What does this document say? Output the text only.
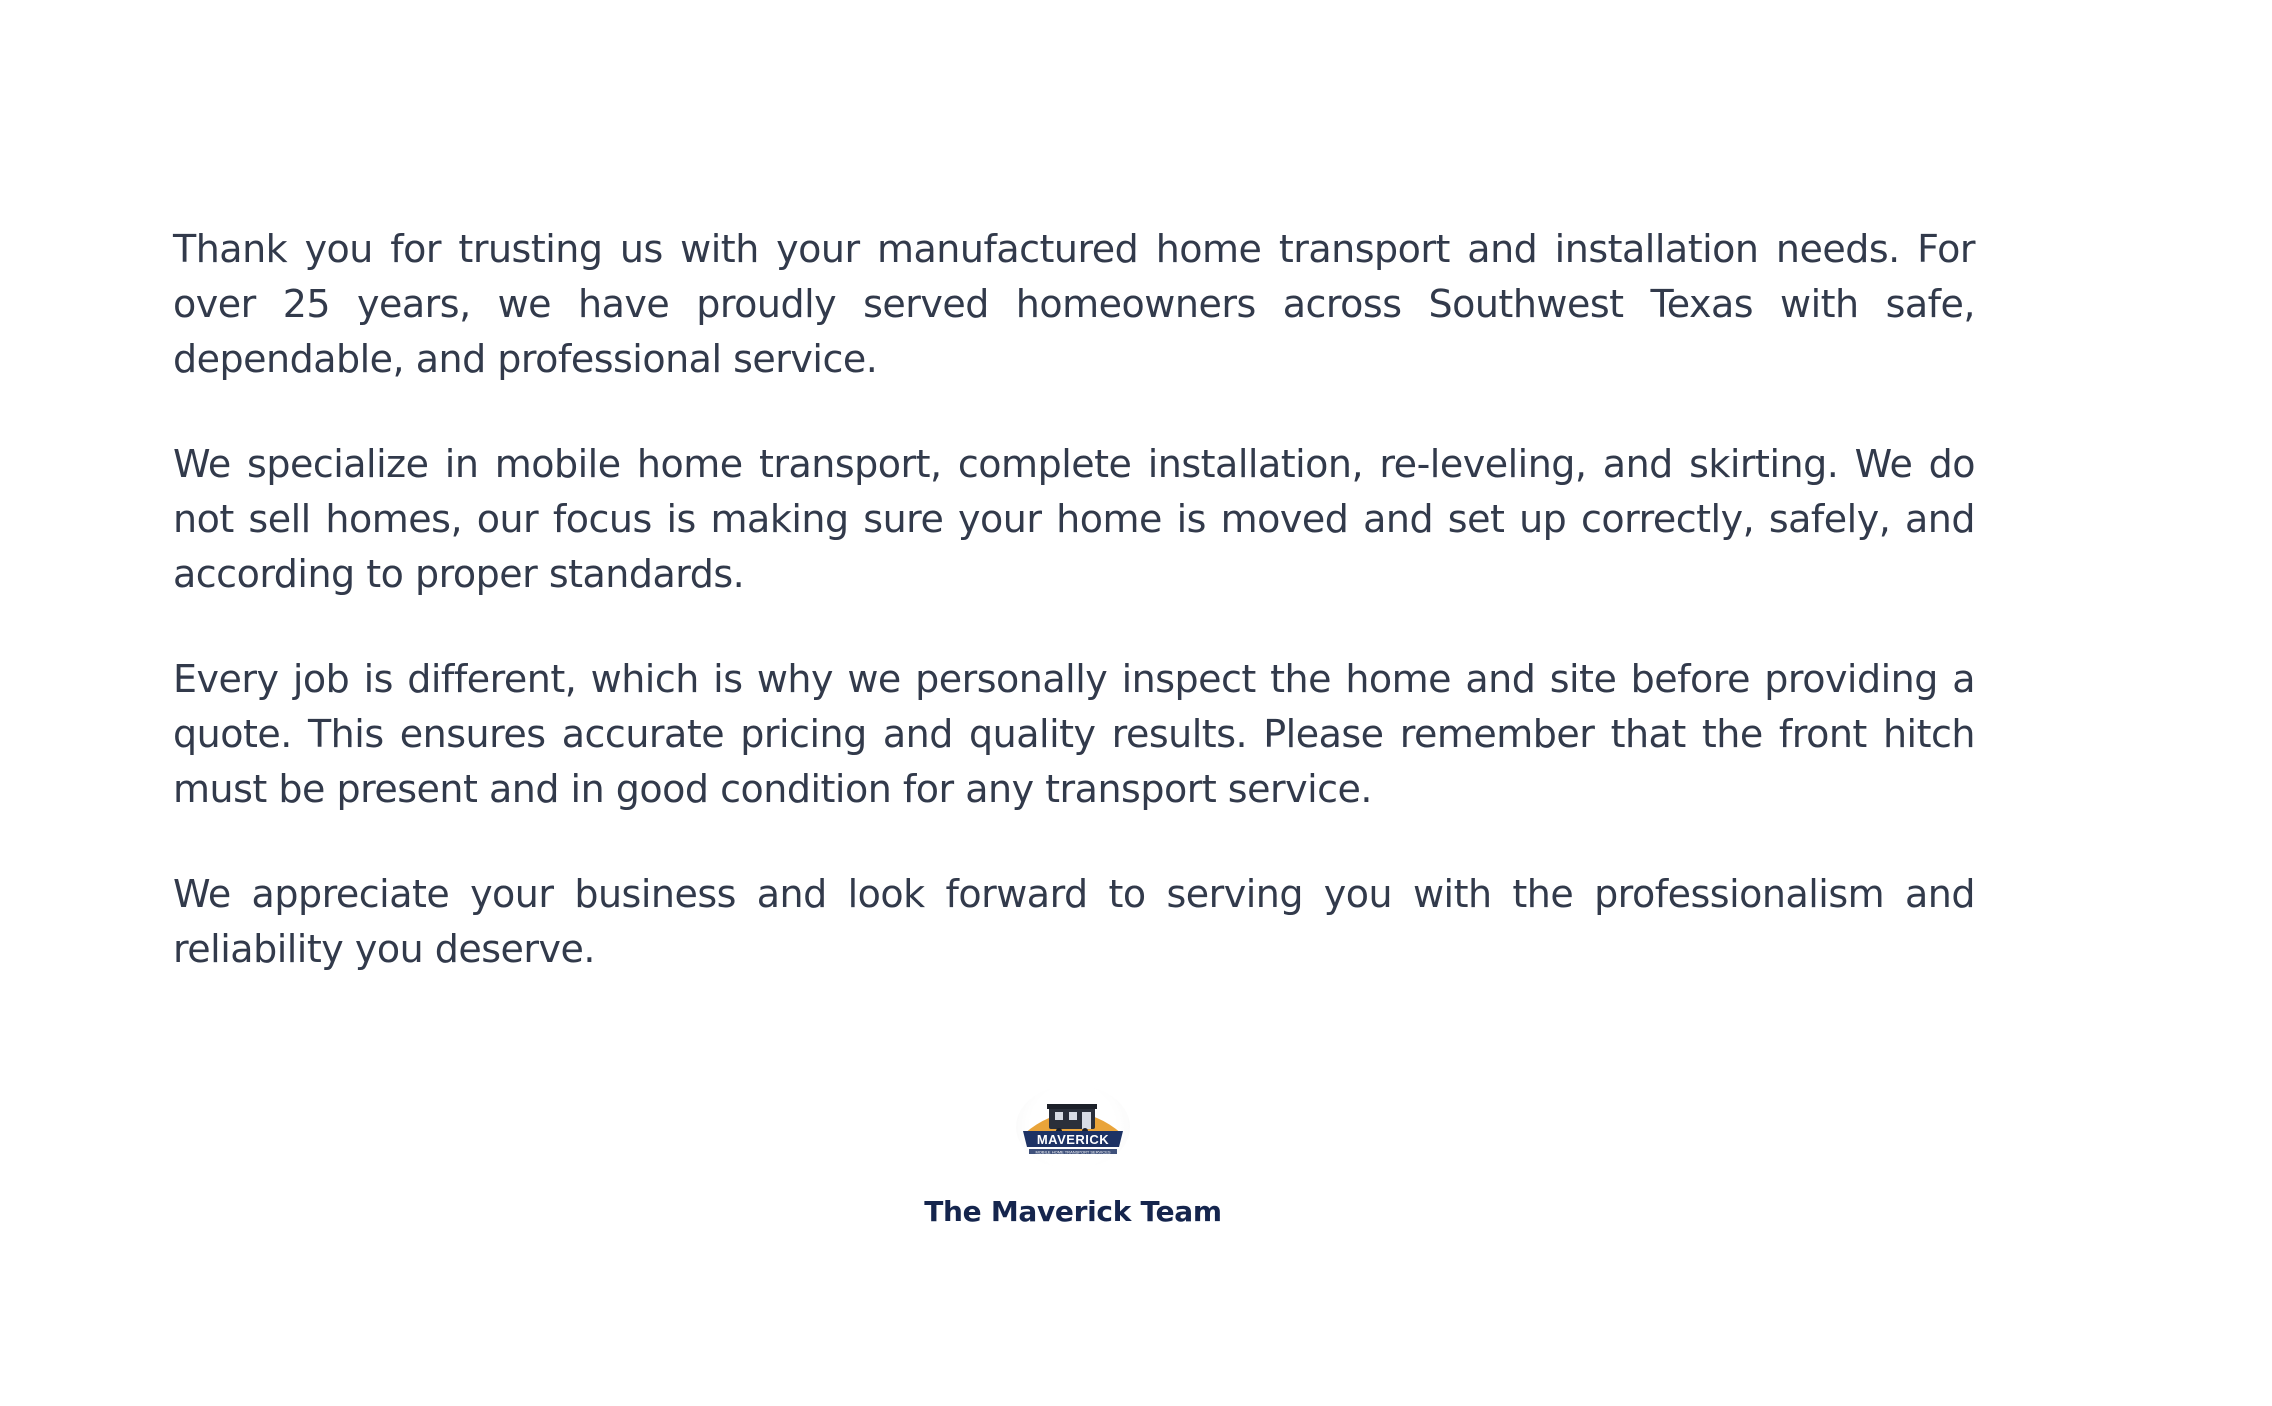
Thank you for trusting us with your manufactured home transport and installation needs. For over 25 years, we have proudly served homeowners across Southwest Texas with safe, dependable, and professional service.

We specialize in mobile home transport, complete installation, re-leveling, and skirting. We do not sell homes, our focus is making sure your home is moved and set up correctly, safely, and according to proper standards.

Every job is different, which is why we personally inspect the home and site before providing a quote. This ensures accurate pricing and quality results. Please remember that the front hitch must be present and in good condition for any transport service.

We appreciate your business and look forward to serving you with the professionalism and reliability you deserve.

MAVERICK
MOBILE HOME TRANSPORT SERVICES
The Maverick Team
